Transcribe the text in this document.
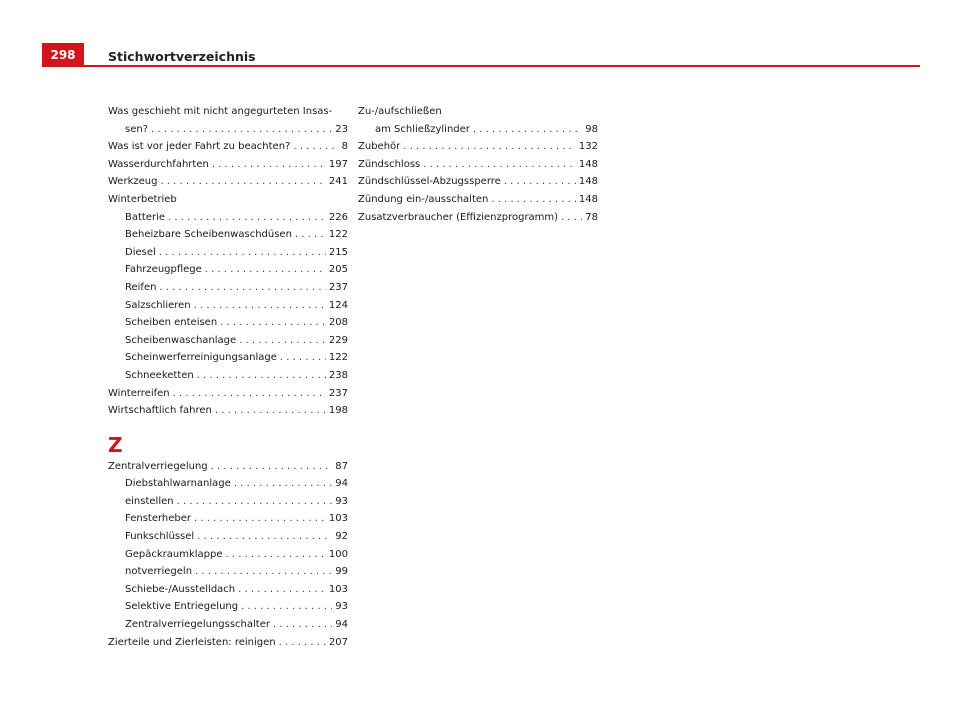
298	Stichwortverzeichnis
Was geschieht mit nicht angegurteten Insas-
sen? . . .	23
Was ist vor jeder Fahrt zu beachten? . . .	8
Wasserdurchfahrten . . .	197
Werkzeug . . .	241
Winterbetrieb
Batterie . . .	226
Beheizbare Scheibenwaschdüsen . . .	122
Diesel . . .	215
Fahrzeugpflege . . .	205
Reifen . . .	237
Salzschlieren . . .	124
Scheiben enteisen . . .	208
Scheibenwaschanlage . . .	229
Scheinwerferreinigungsanlage . . .	122
Schneeketten . . .	238
Winterreifen . . .	237
Wirtschaftlich fahren . . .	198
Z
Zentralverriegelung . . .	87
Diebstahlwarnanlage . . .	94
einstellen . . .	93
Fensterheber . . .	103
Funkschlüssel . . .	92
Gepäckraumklappe . . .	100
notverriegeln . . .	99
Schiebe-/Ausstelldach . . .	103
Selektive Entriegelung . . .	93
Zentralverriegelungsschalter . . .	94
Zierteile und Zierleisten: reinigen . . .	207
Zu-/aufschließen
am Schließzylinder . . .	98
Zubehör . . .	132
Zündschloss . . .	148
Zündschlüssel-Abzugssperre . . .	148
Zündung ein-/ausschalten . . .	148
Zusatzverbraucher (Effizienzprogramm) . . .	78
